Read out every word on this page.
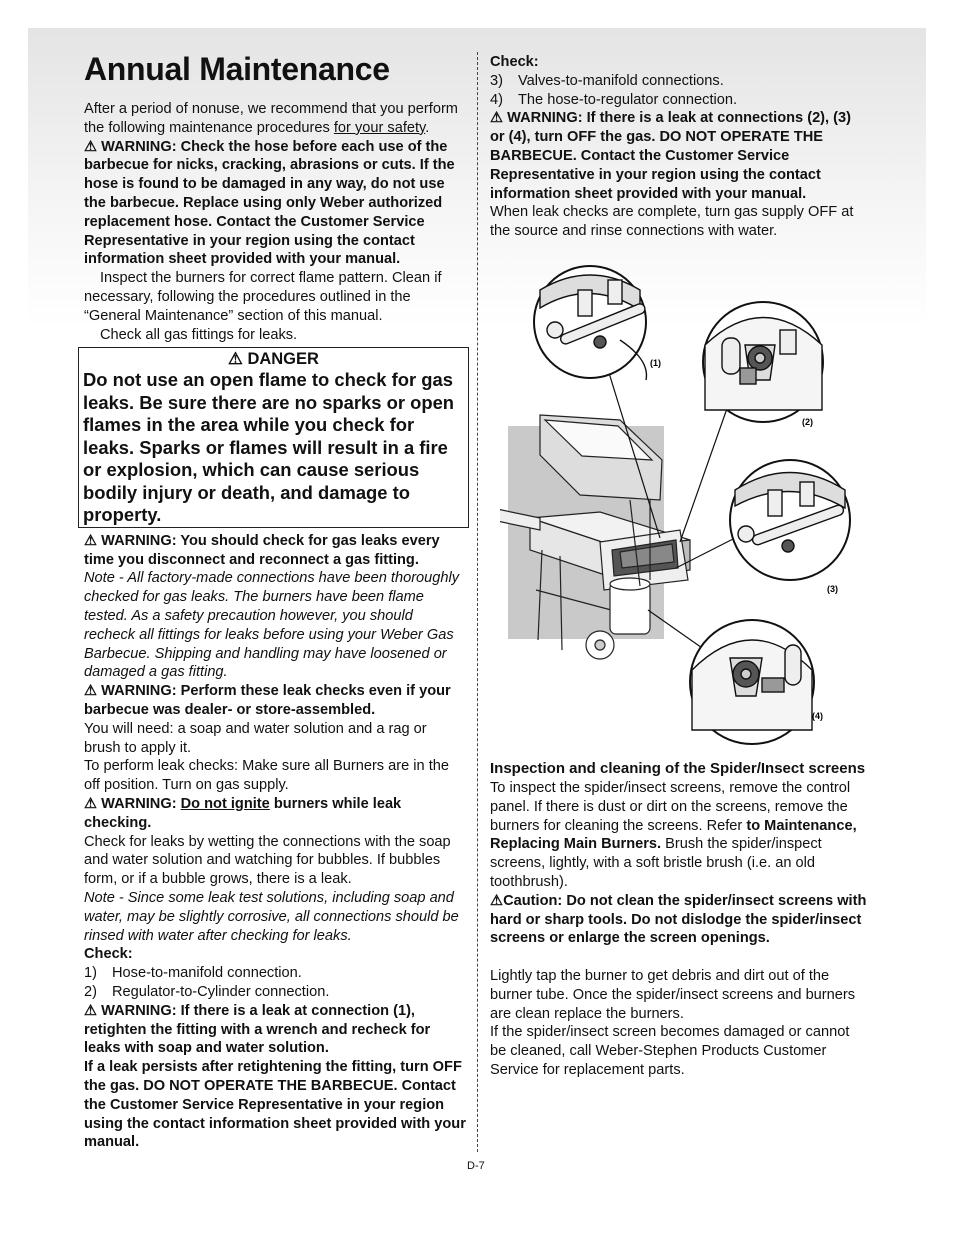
Annual Maintenance

After a period of nonuse, we recommend that you perform the following maintenance procedures for your safety.

⚠ WARNING: Check the hose before each use of the barbecue for nicks, cracking, abrasions or cuts. If the hose is found to be damaged in any way, do not use the barbecue. Replace using only Weber authorized replacement hose. Contact the Customer Service Representative in your region using the contact information sheet provided with your manual.

Inspect the burners for correct flame pattern. Clean if necessary, following the procedures outlined in the “General Maintenance” section of this manual.

Check all gas fittings for leaks.

⚠ DANGER
Do not use an open flame to check for gas leaks. Be sure there are no sparks or open flames in the area while you check for leaks. Sparks or flames will result in a fire or explosion, which can cause serious bodily injury or death, and damage to property.

⚠ WARNING: You should check for gas leaks every time you disconnect and reconnect a gas fitting.

Note - All factory-made connections have been thoroughly checked for gas leaks. The burners have been flame tested. As a safety precaution however, you should recheck all fittings for leaks before using your Weber Gas Barbecue. Shipping and handling may have loosened or damaged a gas fitting.

⚠ WARNING: Perform these leak checks even if your barbecue was dealer- or store-assembled.

You will need: a soap and water solution and a rag or brush to apply it.

To perform leak checks: Make sure all Burners are in the off position. Turn on gas supply.

⚠ WARNING: Do not ignite burners while leak checking.

Check for leaks by wetting the connections with the soap and water solution and watching for bubbles. If bubbles form, or if a bubble grows, there is a leak.

Note - Since some leak test solutions, including soap and water, may be slightly corrosive, all connections should be rinsed with water after checking for leaks.

Check:

1)	Hose-to-manifold connection.
2)	Regulator-to-Cylinder connection.

⚠ WARNING: If there is a leak at connection (1), retighten the fitting with a wrench and recheck for leaks with soap and water solution.

If a leak persists after retightening the fitting, turn OFF the gas. DO NOT OPERATE THE BARBECUE. Contact the Customer Service Representative in your region using the contact information sheet provided with your manual.

Check:

3)	Valves-to-manifold connections.
4)	The hose-to-regulator connection.

⚠ WARNING: If there is a leak at connections (2), (3) or (4), turn OFF the gas. DO NOT OPERATE THE BARBECUE. Contact the Customer Service Representative in your region using the contact information sheet provided with your manual.

When leak checks are complete, turn gas supply OFF at the source and rinse connections with water.

Inspection and cleaning of the Spider/Insect screens

To inspect the spider/insect screens, remove the control panel. If there is dust or dirt on the screens, remove the burners for cleaning the screens. Refer to Maintenance, Replacing Main Burners. Brush the spider/inspect screens, lightly, with a soft bristle brush (i.e. an old toothbrush).

⚠Caution: Do not clean the spider/insect screens with hard or sharp tools. Do not dislodge the spider/insect screens or enlarge the screen openings.

Lightly tap the burner to get debris and dirt out of the burner tube. Once the spider/insect screens and burners are clean replace the burners.

If the spider/insect screen becomes damaged or cannot be cleaned, call Weber-Stephen Products Customer Service for replacement parts.

(1)
(2)
(3)
(4)
D-7
